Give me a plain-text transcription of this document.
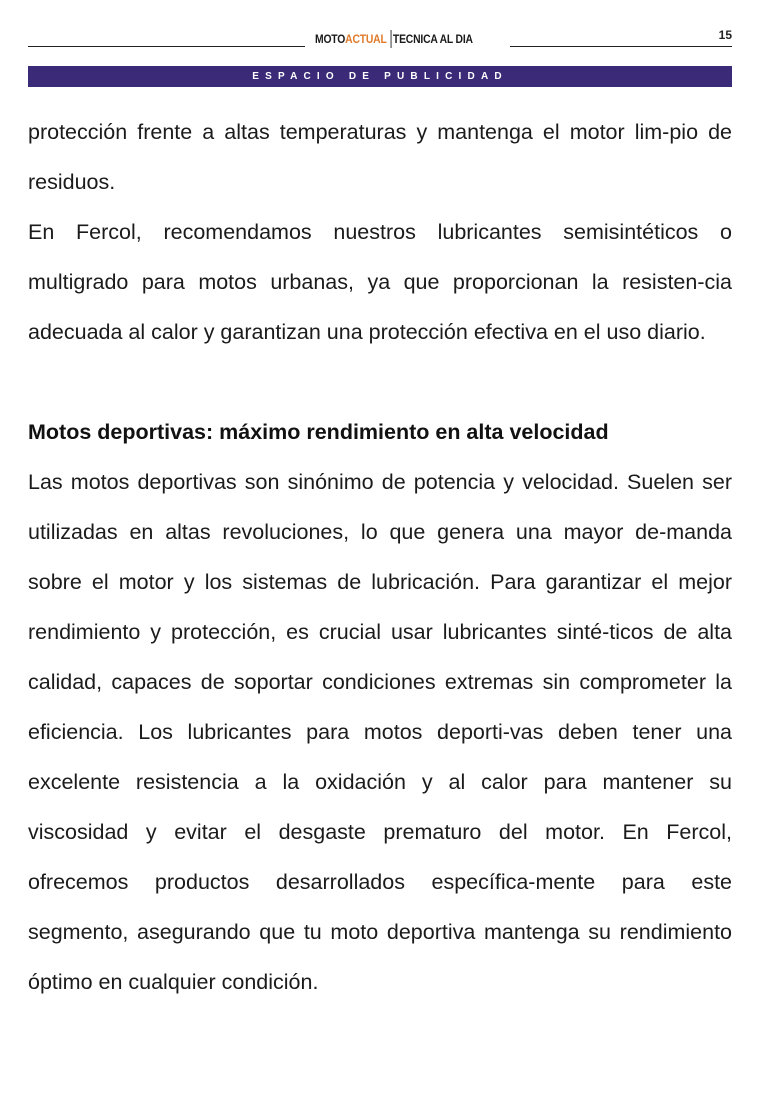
MOTOACTUAL TECNICA AL DIA	15
ESPACIO DE PUBLICIDAD

protección frente a altas temperaturas y mantenga el motor lim-pio de residuos.

En Fercol, recomendamos nuestros lubricantes semisintéticos o multigrado para motos urbanas, ya que proporcionan la resisten-cia adecuada al calor y garantizan una protección efectiva en el uso diario.

Motos deportivas: máximo rendimiento en alta velocidad

Las motos deportivas son sinónimo de potencia y velocidad. Suelen ser utilizadas en altas revoluciones, lo que genera una mayor de-manda sobre el motor y los sistemas de lubricación. Para garantizar el mejor rendimiento y protección, es crucial usar lubricantes sinté-ticos de alta calidad, capaces de soportar condiciones extremas sin comprometer la eficiencia. Los lubricantes para motos deporti-vas deben tener una excelente resistencia a la oxidación y al calor para mantener su viscosidad y evitar el desgaste prematuro del motor. En Fercol, ofrecemos productos desarrollados específica-mente para este segmento, asegurando que tu moto deportiva mantenga su rendimiento óptimo en cualquier condición.
